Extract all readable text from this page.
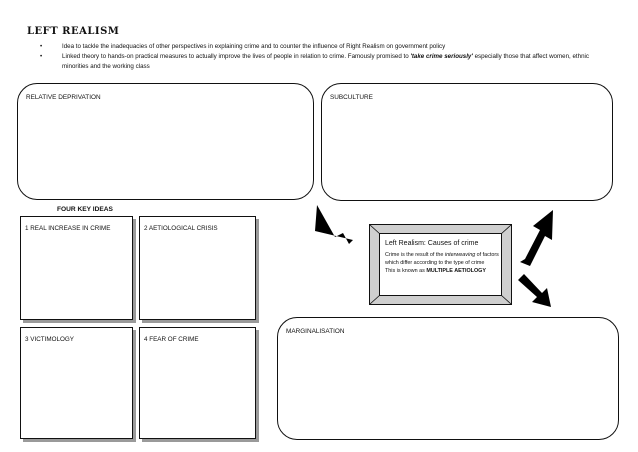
LEFT REALISM
•	Idea to tackle the inadequacies of other perspectives in explaining crime and to counter the influence of Right Realism on government policy
•	Linked theory to hands-on practical measures to actually improve the lives of people in relation to crime. Famously promised to 'take crime seriously' especially those that affect women, ethnic minorities and the working class
RELATIVE DEPRIVATION	SUBCULTURE
FOUR KEY IDEAS
1 REAL INCREASE IN CRIME	2 AETIOLOGICAL CRISIS
3 VICTIMOLOGY	4 FEAR OF CRIME
MARGINALISATION
Left Realism: Causes of crime
Crime is the result of the interweaving of factors which differ according to the type of crime
This is known as MULTIPLE AETIOLOGY
